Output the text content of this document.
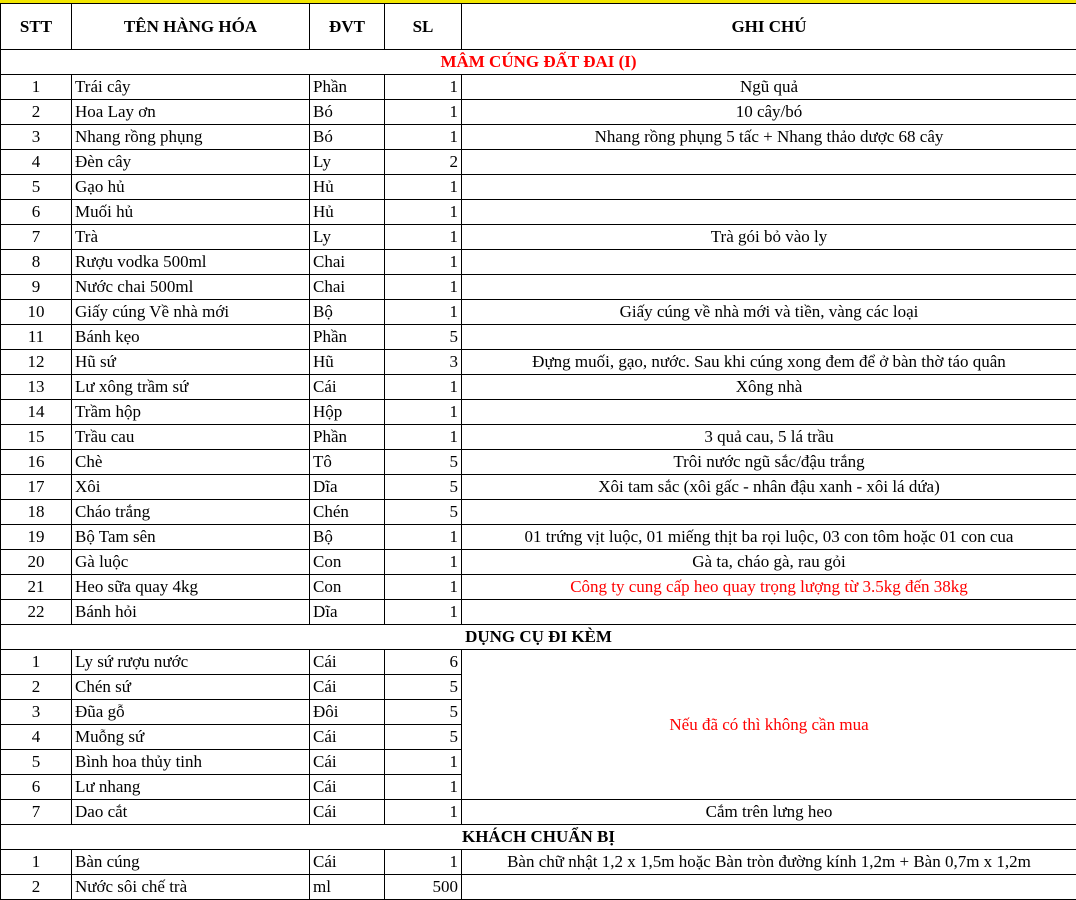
STT	TÊN HÀNG HÓA	ĐVT	SL	GHI CHÚ
MÂM CÚNG ĐẤT ĐAI (I)				
1	Trái cây	Phần	1	Ngũ quả
2	Hoa Lay ơn	Bó	1	10 cây/bó
3	Nhang rồng phụng	Bó	1	Nhang rồng phụng 5 tấc + Nhang thảo dược 68 cây
4	Đèn cây	Ly	2	
5	Gạo hủ	Hủ	1	
6	Muối hủ	Hủ	1	
7	Trà	Ly	1	Trà gói bỏ vào ly
8	Rượu vodka 500ml	Chai	1	
9	Nước chai 500ml	Chai	1	
10	Giấy cúng Về nhà mới	Bộ	1	Giấy cúng về nhà mới và tiền, vàng các loại
11	Bánh kẹo	Phần	5	
12	Hũ sứ	Hũ	3	Đựng muối, gạo, nước. Sau khi cúng xong đem để ở bàn thờ táo quân
13	Lư xông trầm sứ	Cái	1	Xông nhà
14	Trầm hộp	Hộp	1	
15	Trầu cau	Phần	1	3 quả cau, 5 lá trầu
16	Chè	Tô	5	Trôi nước ngũ sắc/đậu trắng
17	Xôi	Dĩa	5	Xôi tam sắc (xôi gấc - nhân đậu xanh - xôi lá dứa)
18	Cháo trắng	Chén	5	
19	Bộ Tam sên	Bộ	1	01 trứng vịt luộc, 01 miếng thịt ba rọi luộc, 03 con tôm hoặc 01 con cua
20	Gà luộc	Con	1	Gà ta, cháo gà, rau gỏi
21	Heo sữa quay 4kg	Con	1	Công ty cung cấp heo quay trọng lượng từ 3.5kg đến 38kg
22	Bánh hỏi	Dĩa	1	
DỤNG CỤ ĐI KÈM				
1	Ly sứ rượu nước	Cái	6	Nếu đã có thì không cần mua
2	Chén sứ	Cái	5	
3	Đũa gỗ	Đôi	5	
4	Muỗng sứ	Cái	5	
5	Bình hoa thủy tinh	Cái	1	
6	Lư nhang	Cái	1	
7	Dao cắt	Cái	1	Cắm trên lưng heo
KHÁCH CHUẨN BỊ				
1	Bàn cúng	Cái	1	Bàn chữ nhật 1,2 x 1,5m hoặc Bàn tròn đường kính 1,2m + Bàn 0,7m x 1,2m
2	Nước sôi chế trà	ml	500	
